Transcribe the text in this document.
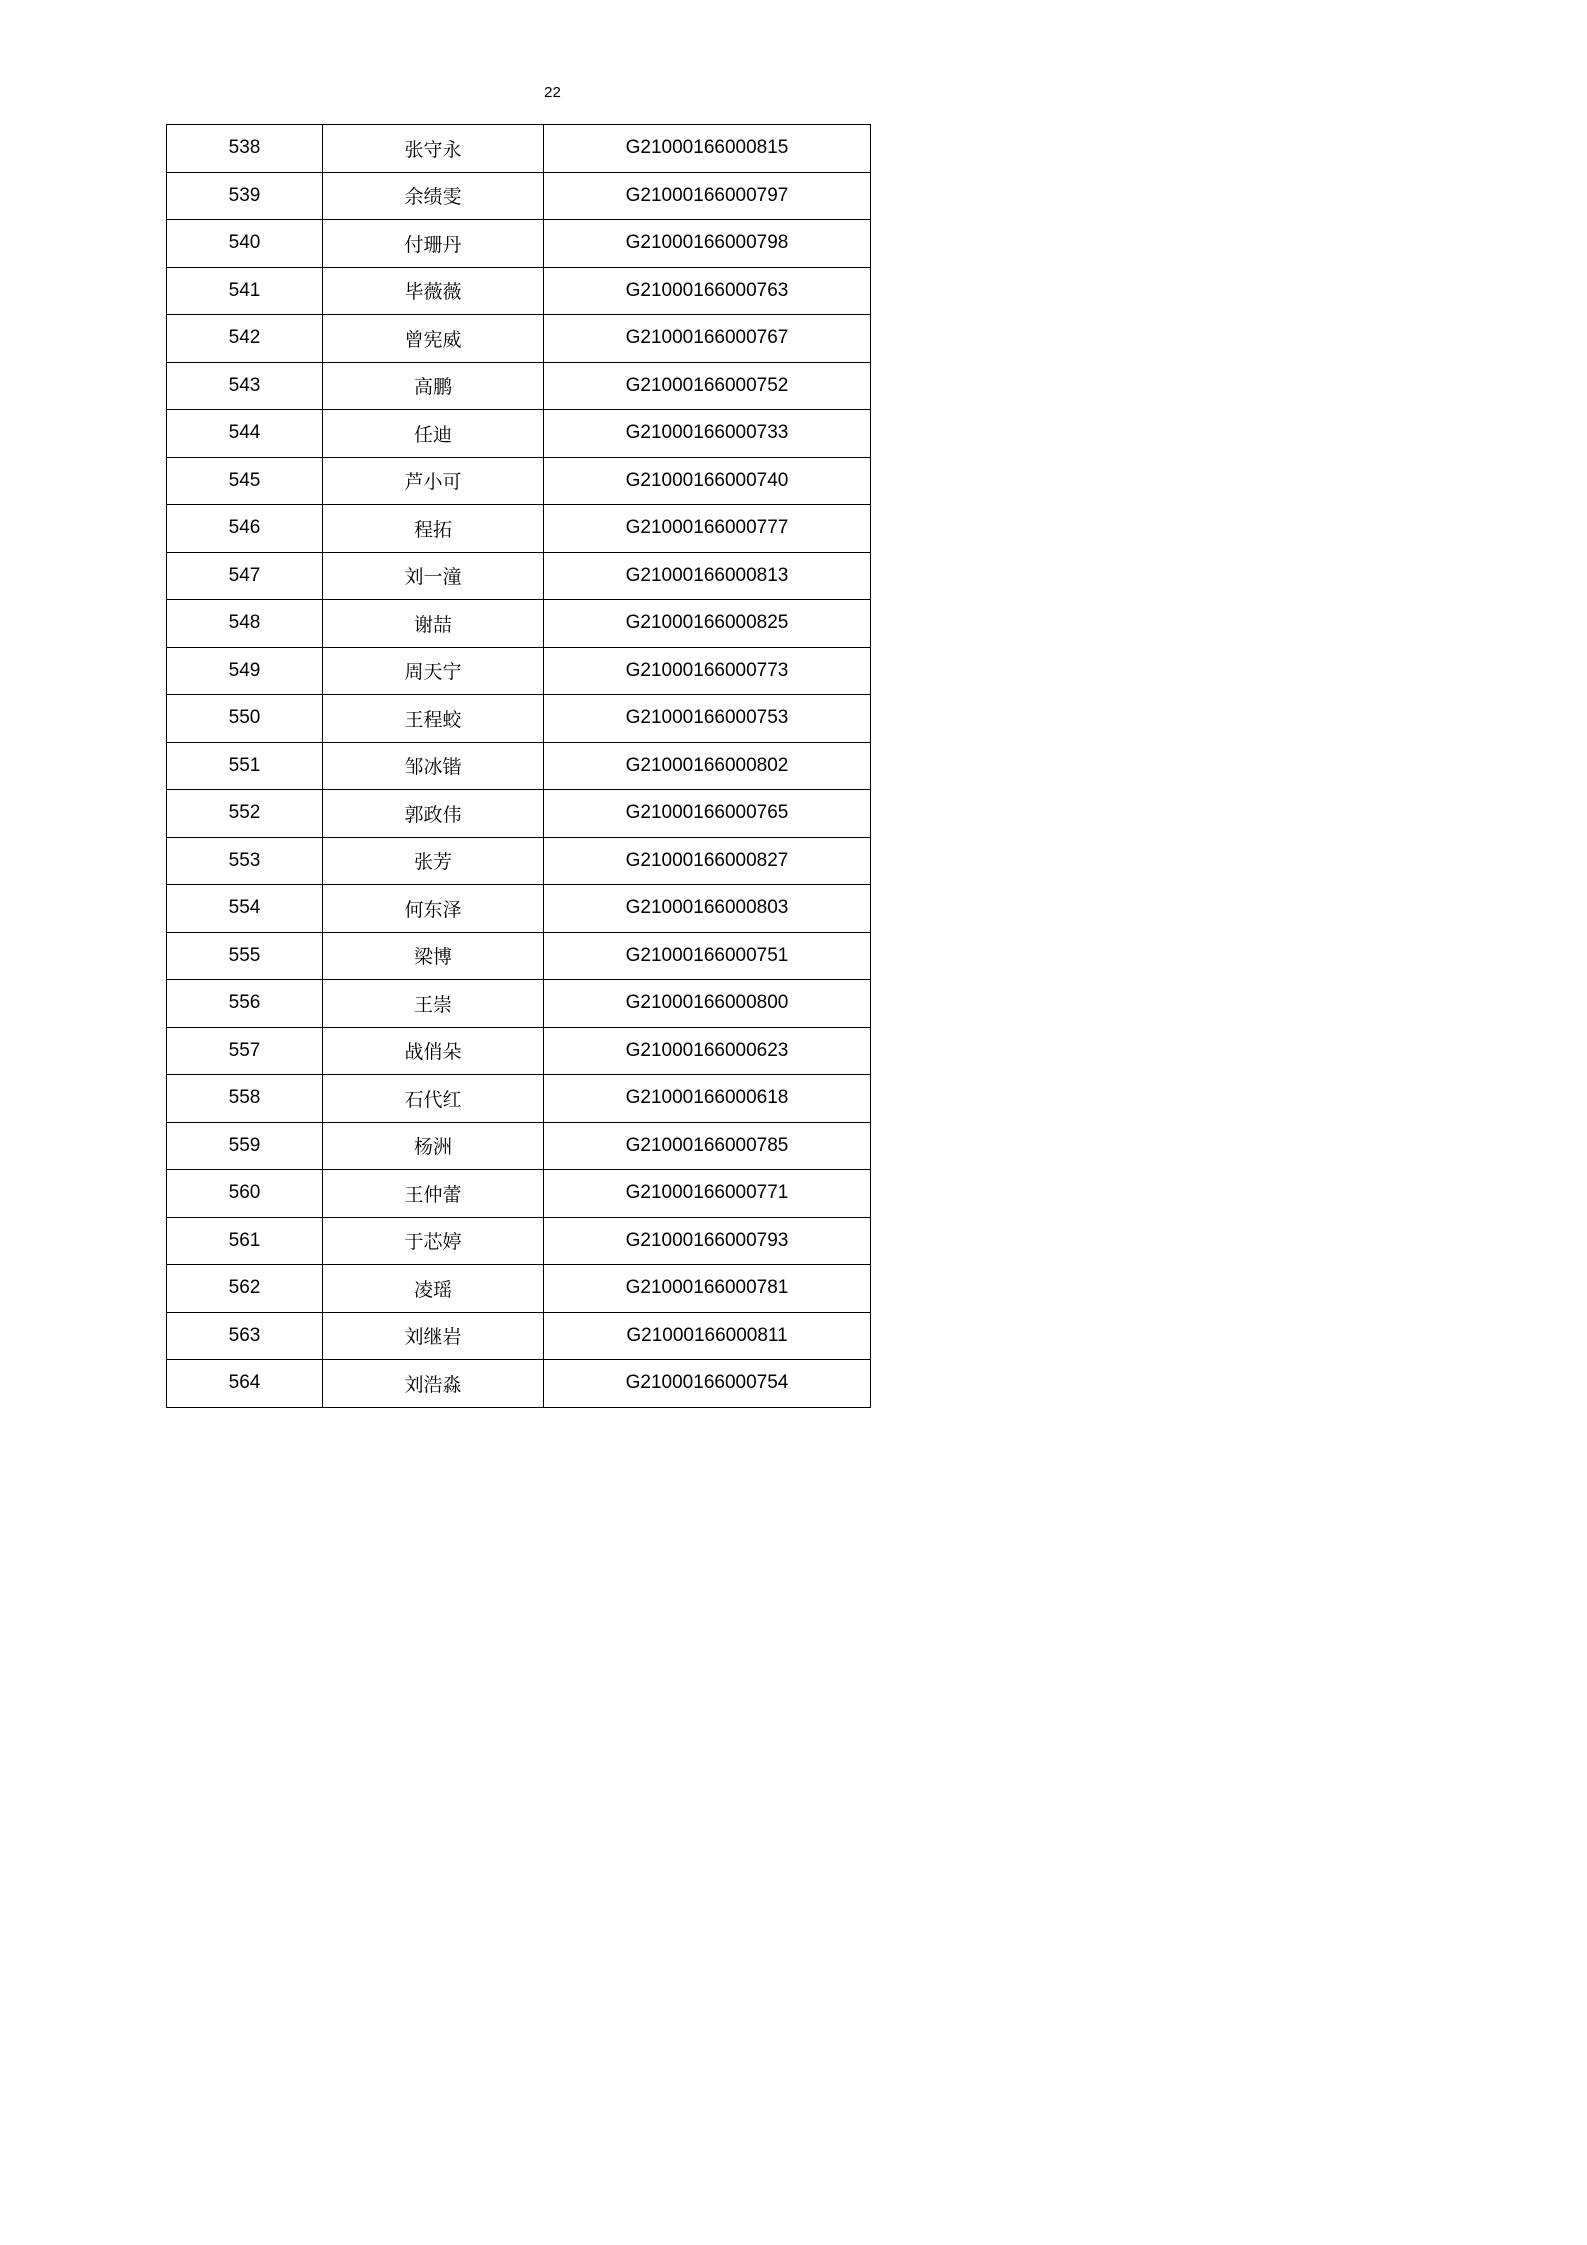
22
538	张守永	G21000166000815
539	余绩雯	G21000166000797
540	付珊丹	G21000166000798
541	毕薇薇	G21000166000763
542	曾宪威	G21000166000767
543	高鹏	G21000166000752
544	任迪	G21000166000733
545	芦小可	G21000166000740
546	程拓	G21000166000777
547	刘一潼	G21000166000813
548	谢喆	G21000166000825
549	周天宁	G21000166000773
550	王程蛟	G21000166000753
551	邹冰锴	G21000166000802
552	郭政伟	G21000166000765
553	张芳	G21000166000827
554	何东泽	G21000166000803
555	梁博	G21000166000751
556	王崇	G21000166000800
557	战俏朵	G21000166000623
558	石代红	G21000166000618
559	杨洲	G21000166000785
560	王仲蕾	G21000166000771
561	于芯婷	G21000166000793
562	凌瑶	G21000166000781
563	刘继岩	G21000166000811
564	刘浩淼	G21000166000754
